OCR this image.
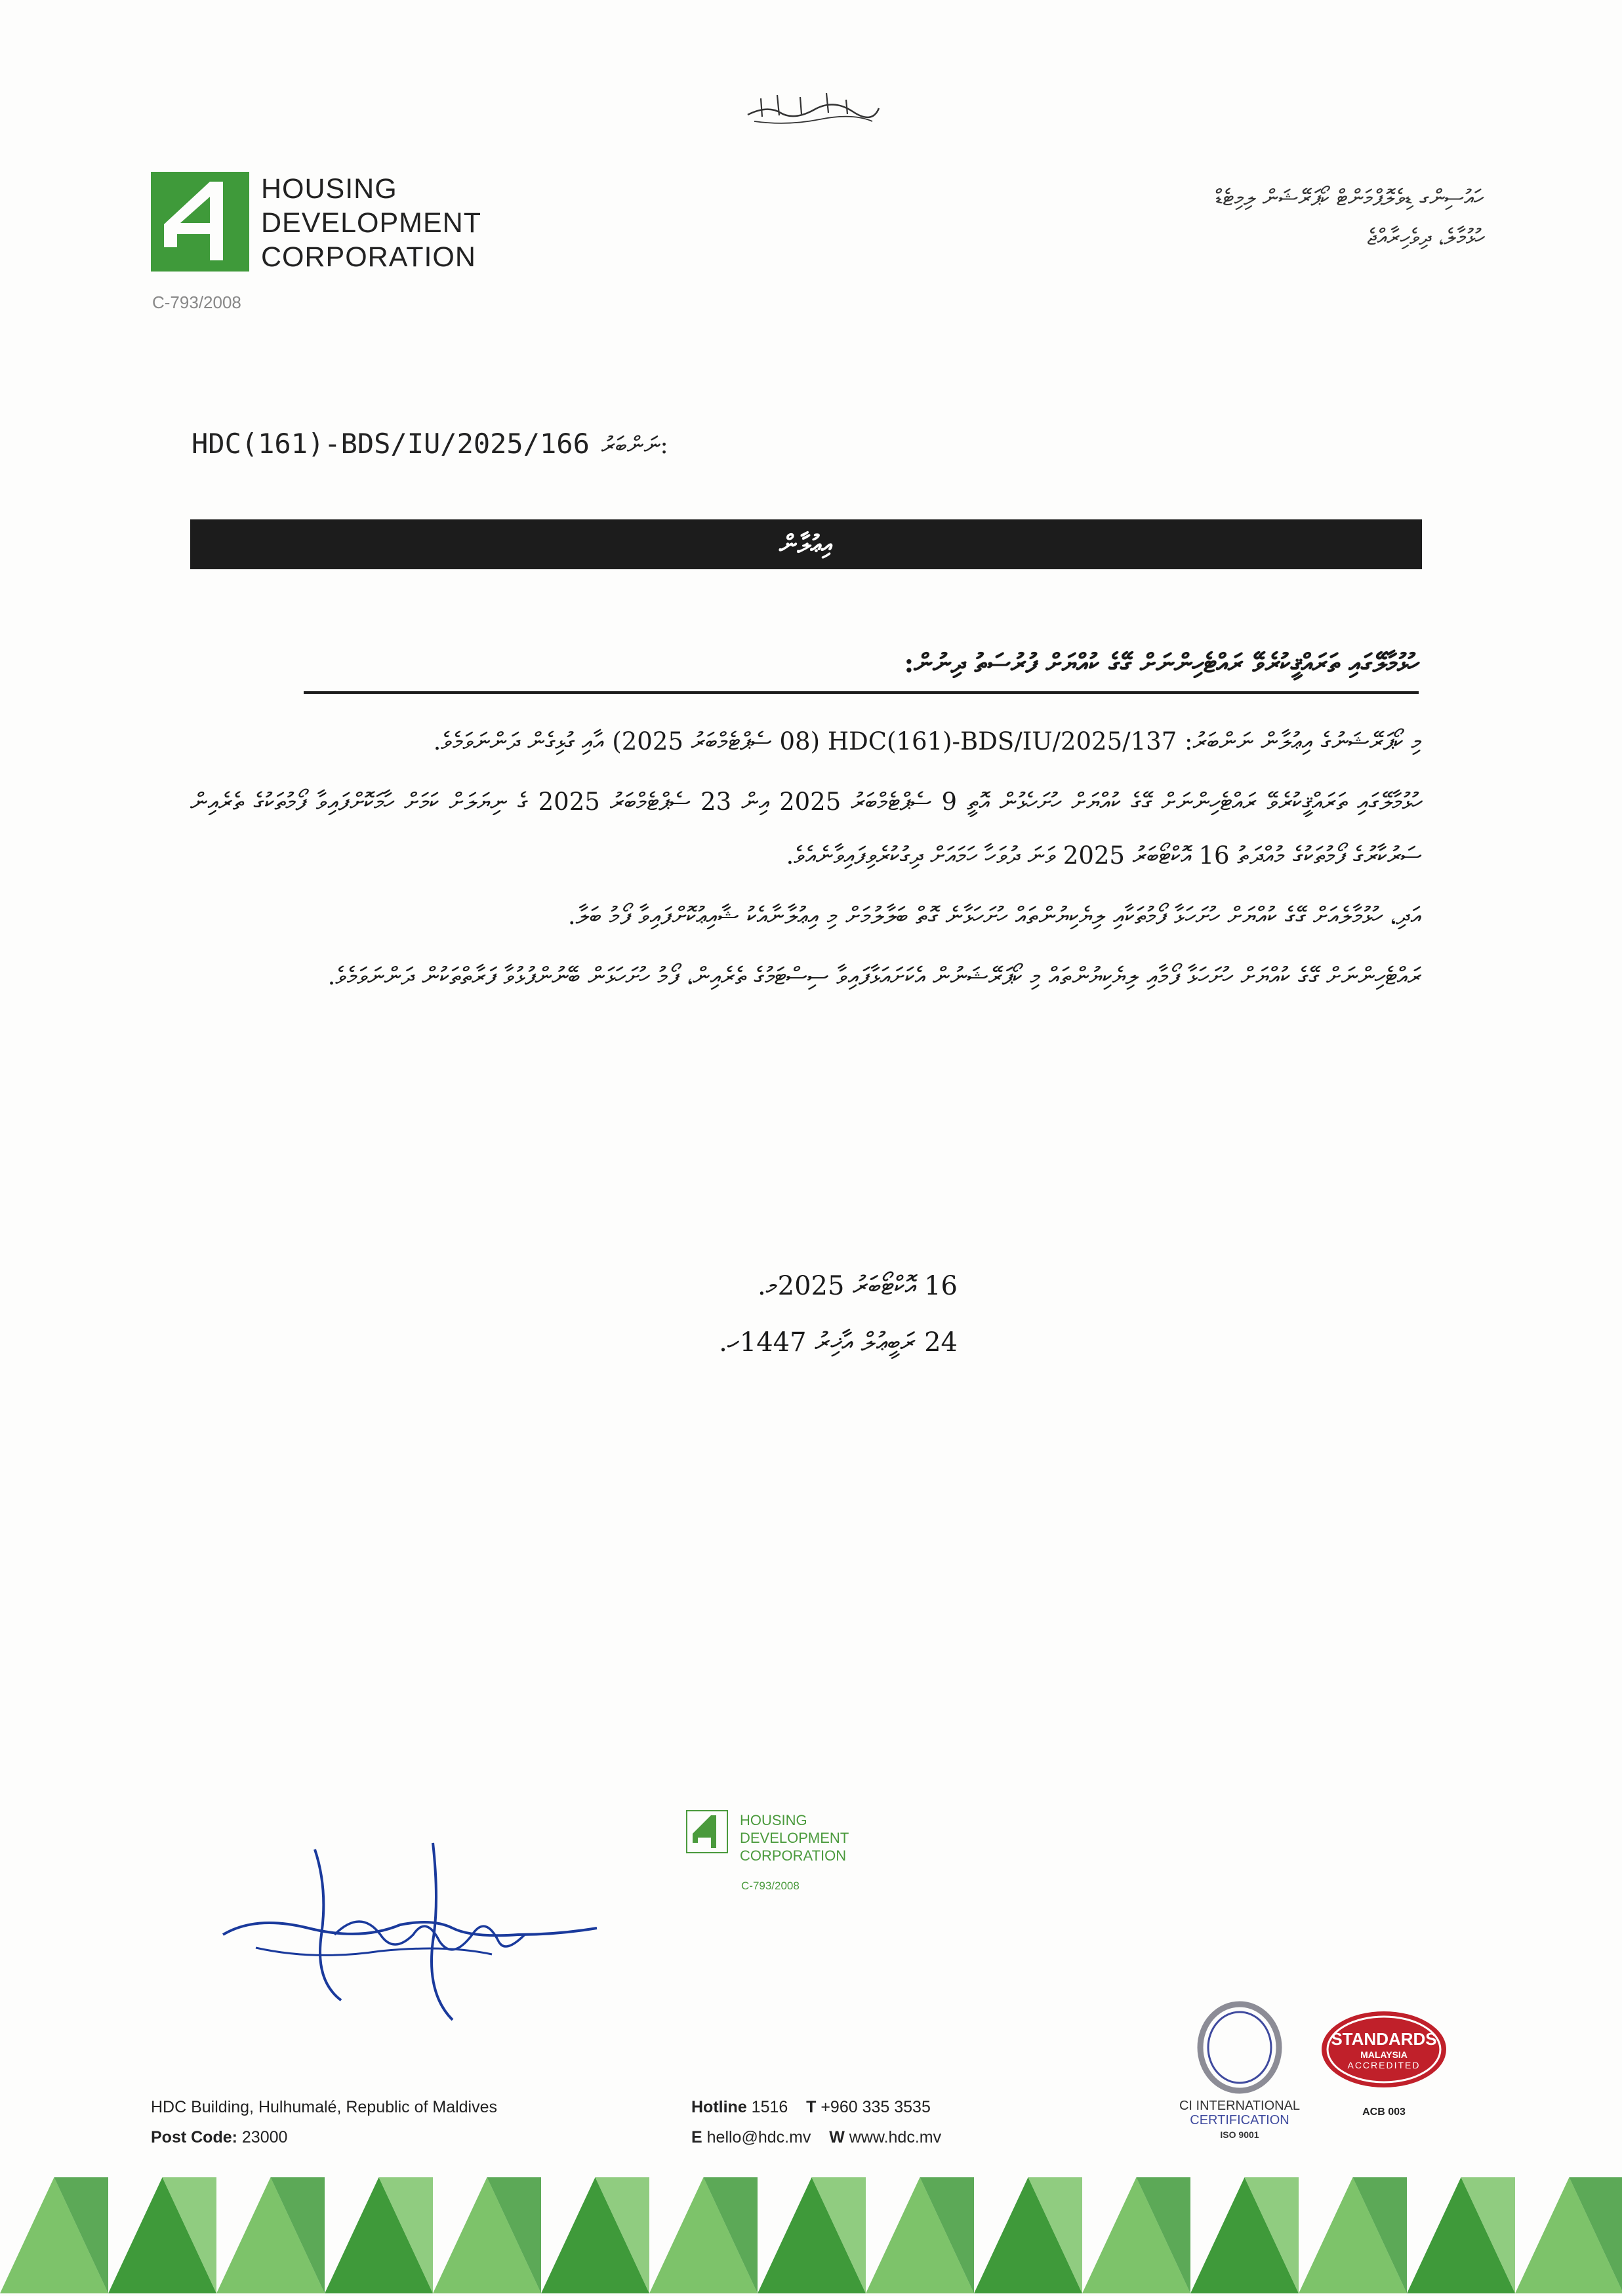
HOUSING
DEVELOPMENT
CORPORATION
C-793/2008
ހައުސިންގ ޑިވެލޮޕްމަންޓް ކޯޕަރޭޝަން ލިމިޓެޑް
ހުޅުމާލެ، ދިވެހިރާއްޖެ
HDC(161)-BDS/IU/2025/166 ނަންބަރު:
އިޢުލާން
ހުޅުމާލޭގައި ތަރައްޤީކުރެވޭ ރައްޓެހިންނަށް ގޭގެ ކުއްޔަށް ފުރުސަތު ދިނުން:

މި ކޯޕަރޭޝަނުގެ އިޢުލާން ނަންބަރު: HDC(161)-BDS/IU/2025/137 (08 ސެޕްޓެމްބަރު 2025) އާއި ގުޅިގެން ދަންނަވަމެވެ.

ހުޅުމާލޭގައި ތަރައްޤީކުރެވޭ ރައްޓެހިންނަށް ގޭގެ ކުއްޔަށް ހުށަހެޅުން އޮތީ 9 ސެޕްޓެމްބަރު 2025 އިން 23 ސެޕްޓެމްބަރު 2025 ގެ ނިޔަލަށް ކަމަށް ހާމަކޮށްފައިވާ ފޯމުތަކުގެ ތެރެއިން ސަރުކާރުގެ ފޯމުތަކުގެ މުއްދަތު 16 އޮކްޓޯބަރު 2025 ވަނަ ދުވަހާ ހަމައަށް ދިގުކުރެވިފައިވާނެއެވެ.

އަދި، ހުޅުމާލެއަށް ގޭގެ ކުއްޔަށް ހުށަހަޅާ ފޯމުތަކާއި ލިޔެކިޔުންތައް ހުށަހަޅާނެ ގޮތް ބަލާލުމަށް މި އިޢުލާނާއެކު ޝާއިޢުކޮށްފައިވާ ފޯމު ބަލާ.

ރައްޓެހިންނަށް ގޭގެ ކުއްޔަށް ހުށަހަޅާ ފޯމާއި ލިޔެކިޔުންތައް މި ކޯޕަރޭޝަނުން އެކަށައަޅާފައިވާ ސިސްޓަމުގެ ތެރެއިން، ފޯމު ހުށަހަޅަން ބޭނުންފުޅުވާ ފަރާތްތަކުން ދަންނަވަމެވެ.

16 އޮކްޓޯބަރު 2025މ.
24 ރަބީޢުލް އާޚިރު 1447ހ.
HOUSING
DEVELOPMENT
CORPORATION
C-793/2008
CI INTERNATIONAL
CERTIFICATION
ISO 9001
STANDARDS
MALAYSIA
ACCREDITED
ACB 003
HDC Building, Hulhumalé, Republic of Maldives
Post Code: 23000
Hotline 1516 T +960 335 3535
E hello@hdc.mv W www.hdc.mv
